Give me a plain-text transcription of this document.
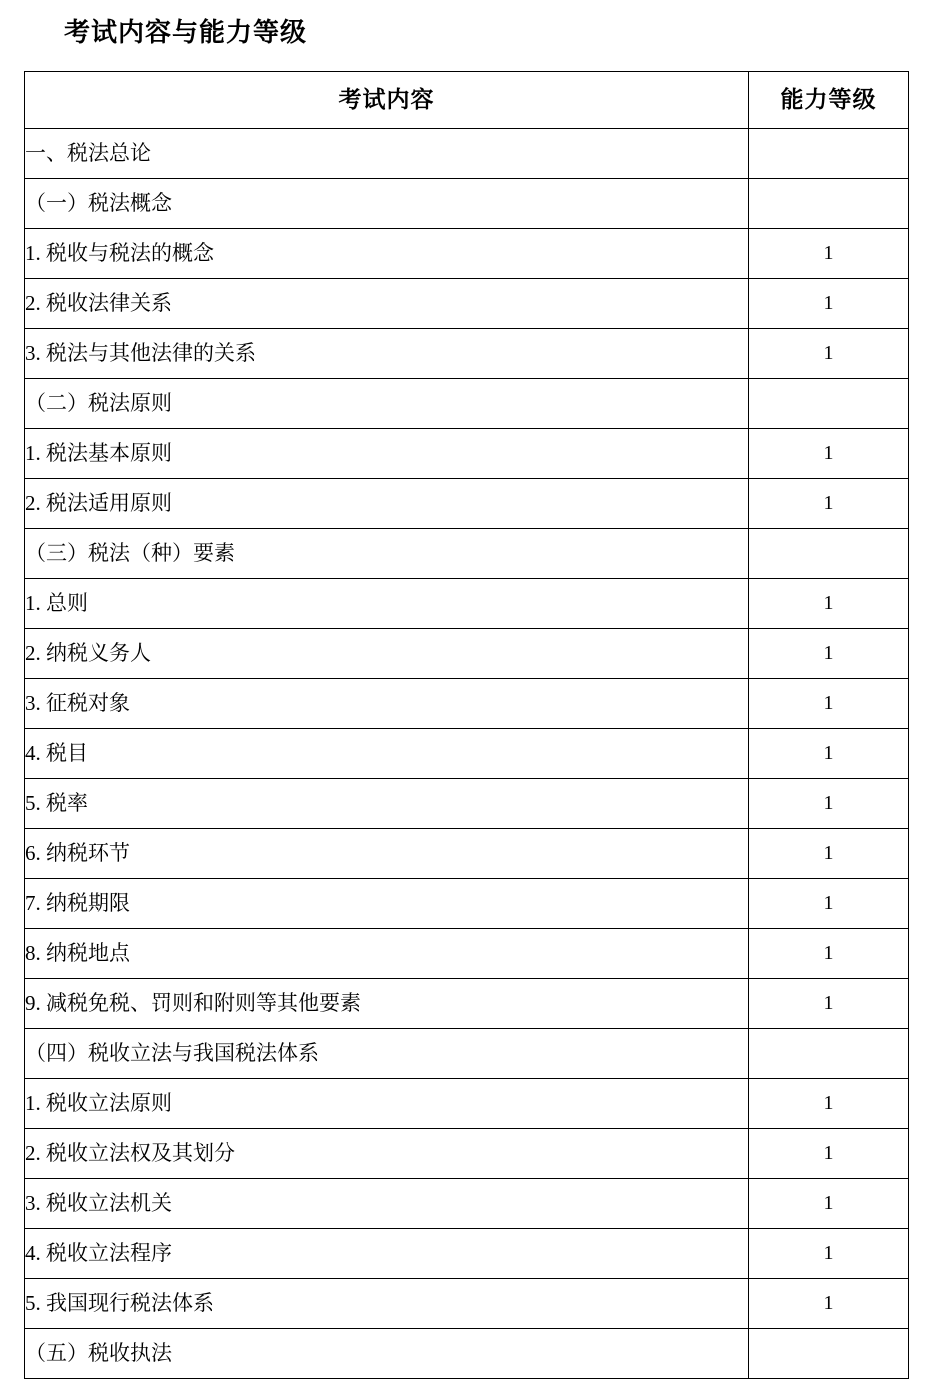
考试内容与能力等级
考试内容	能力等级
一、税法总论	
（一）税法概念	
1. 税收与税法的概念	1
2. 税收法律关系	1
3. 税法与其他法律的关系	1
（二）税法原则	
1. 税法基本原则	1
2. 税法适用原则	1
（三）税法（种）要素	
1. 总则	1
2. 纳税义务人	1
3. 征税对象	1
4. 税目	1
5. 税率	1
6. 纳税环节	1
7. 纳税期限	1
8. 纳税地点	1
9. 减税免税、罚则和附则等其他要素	1
（四）税收立法与我国税法体系	
1. 税收立法原则	1
2. 税收立法权及其划分	1
3. 税收立法机关	1
4. 税收立法程序	1
5. 我国现行税法体系	1
（五）税收执法	
